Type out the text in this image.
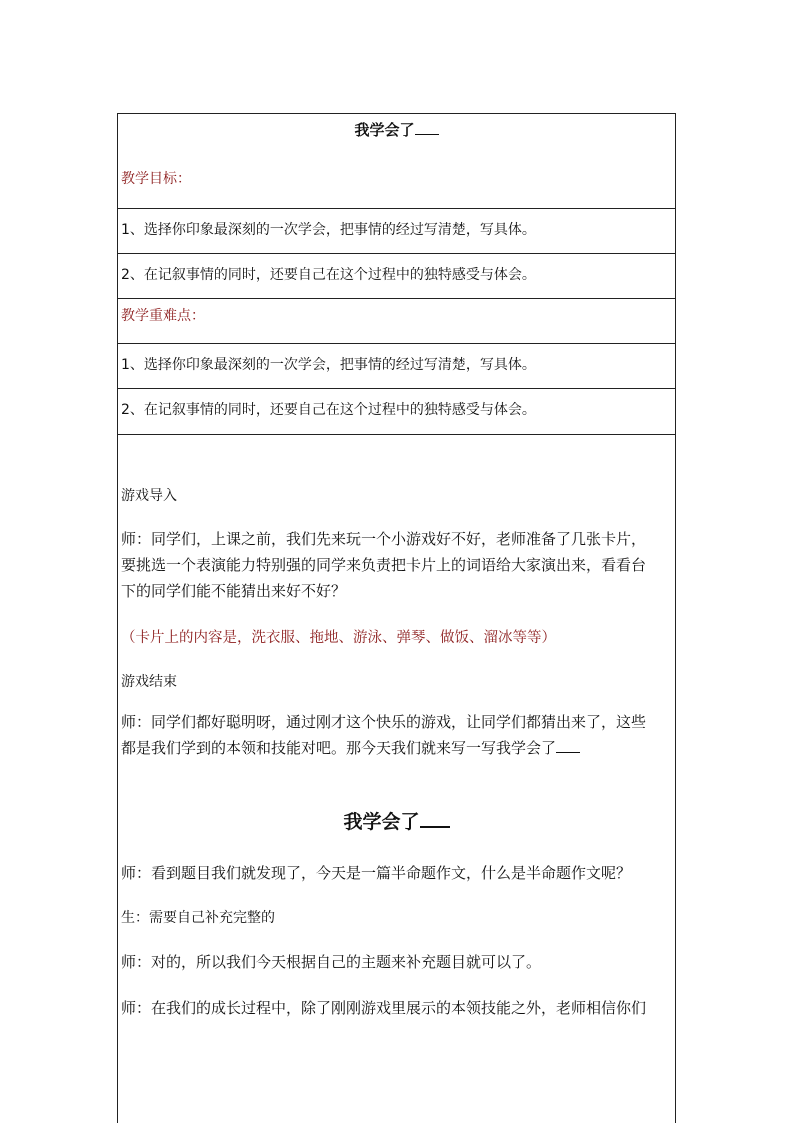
我学会了
教学目标：
1、选择你印象最深刻的一次学会，把事情的经过写清楚，写具体。
2、在记叙事情的同时，还要自己在这个过程中的独特感受与体会。
教学重难点：
1、选择你印象最深刻的一次学会，把事情的经过写清楚，写具体。
2、在记叙事情的同时，还要自己在这个过程中的独特感受与体会。
游戏导入
师：同学们，上课之前，我们先来玩一个小游戏好不好，老师准备了几张卡片，
要挑选一个表演能力特别强的同学来负责把卡片上的词语给大家演出来，看看台
下的同学们能不能猜出来好不好？
（卡片上的内容是，洗衣服、拖地、游泳、弹琴、做饭、溜冰等等）
游戏结束
师：同学们都好聪明呀，通过刚才这个快乐的游戏，让同学们都猜出来了，这些
都是我们学到的本领和技能对吧。那今天我们就来写一写我学会了
我学会了
师：看到题目我们就发现了，今天是一篇半命题作文，什么是半命题作文呢？
生：需要自己补充完整的
师：对的，所以我们今天根据自己的主题来补充题目就可以了。
师：在我们的成长过程中，除了刚刚游戏里展示的本领技能之外，老师相信你们
